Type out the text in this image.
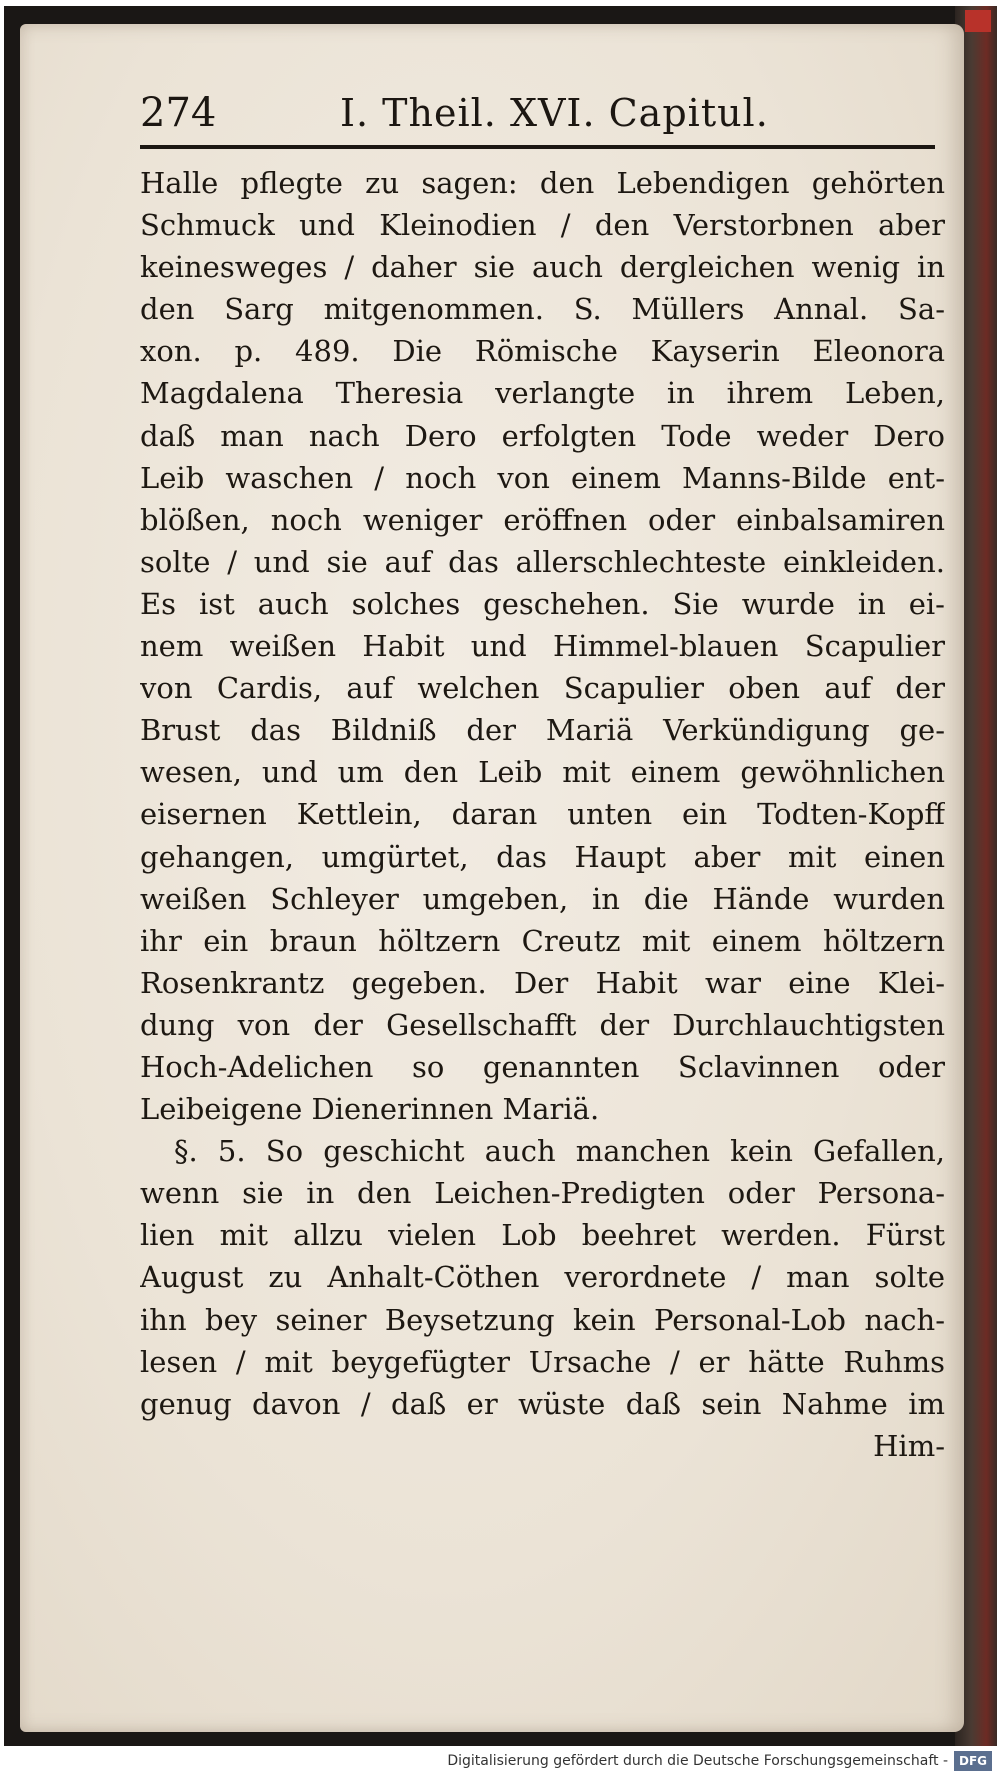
274	I. Theil. XVI. Capitul.
Halle pflegte zu sagen: den Lebendigen gehörten
Schmuck und Kleinodien / den Verstorbnen aber
keinesweges / daher sie auch dergleichen wenig in
den Sarg mitgenommen. S. Müllers Annal. Sa-
xon. p. 489. Die Römische Kayserin Eleonora
Magdalena Theresia verlangte in ihrem Leben,
daß man nach Dero erfolgten Tode weder Dero
Leib waschen / noch von einem Manns-Bilde ent-
blößen, noch weniger eröffnen oder einbalsamiren
solte / und sie auf das allerschlechteste einkleiden.
Es ist auch solches geschehen. Sie wurde in ei-
nem weißen Habit und Himmel-blauen Scapulier
von Cardis, auf welchen Scapulier oben auf der
Brust das Bildniß der Mariä Verkündigung ge-
wesen, und um den Leib mit einem gewöhnlichen
eisernen Kettlein, daran unten ein Todten-Kopff
gehangen, umgürtet, das Haupt aber mit einen
weißen Schleyer umgeben, in die Hände wurden
ihr ein braun höltzern Creutz mit einem höltzern
Rosenkrantz gegeben. Der Habit war eine Klei-
dung von der Gesellschafft der Durchlauchtigsten
Hoch-Adelichen so genannten Sclavinnen oder
Leibeigene Dienerinnen Mariä.
§. 5. So geschicht auch manchen kein Gefallen,
wenn sie in den Leichen-Predigten oder Persona-
lien mit allzu vielen Lob beehret werden. Fürst
August zu Anhalt-Cöthen verordnete / man solte
ihn bey seiner Beysetzung kein Personal-Lob nach-
lesen / mit beygefügter Ursache / er hätte Ruhms
genug davon / daß er wüste daß sein Nahme im
Him-
Digitalisierung gefördert durch die Deutsche Forschungsgemeinschaft - DFG
